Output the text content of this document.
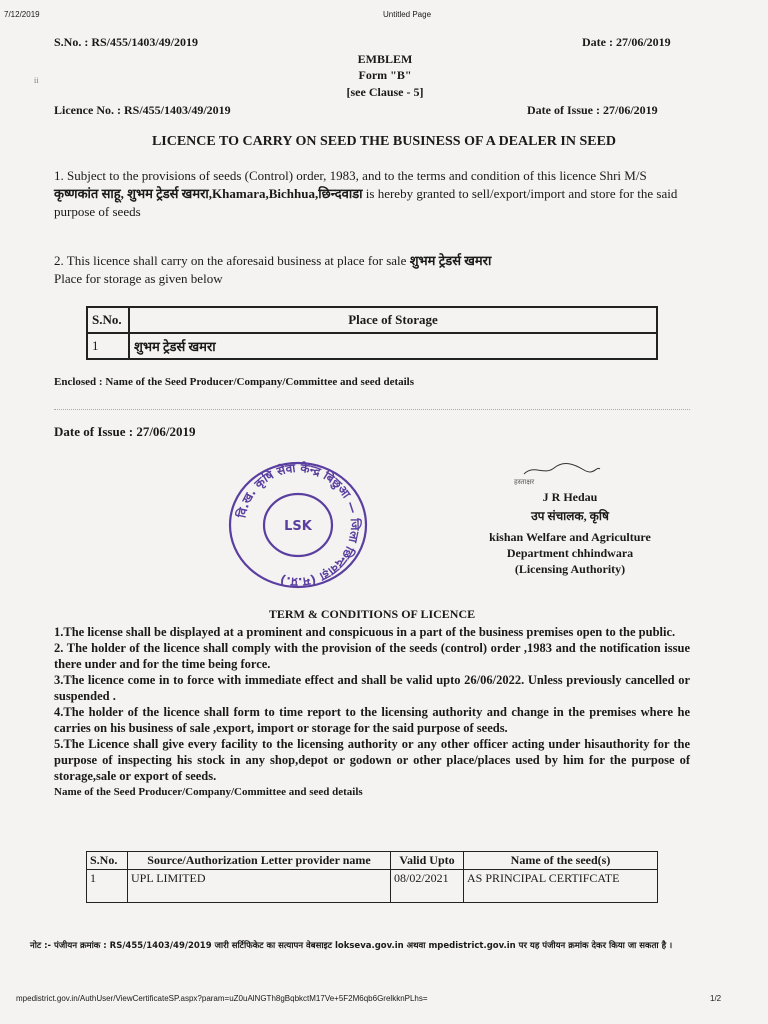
7/12/2019	Untitled Page
S.No. : RS/455/1403/49/2019	Date : 27/06/2019
EMBLEM
Form "B"
[see Clause - 5]
ii
Licence No. : RS/455/1403/49/2019	Date of Issue : 27/06/2019
LICENCE TO CARRY ON SEED THE BUSINESS OF A DEALER IN SEED
1. Subject to the provisions of seeds (Control) order, 1983, and to the terms and condition of this licence Shri M/S कृष्णकांत साहू, शुभम ट्रेडर्स खमरा,Khamara,Bichhua,छिन्दवाडा is hereby granted to sell/export/import and store for the said purpose of seeds
2. This licence shall carry on the aforesaid business at place for sale शुभम ट्रेडर्स खमरा
Place for storage as given below
S.No.	Place of Storage
1	शुभम ट्रेडर्स खमरा
Enclosed : Name of the Seed Producer/Company/Committee and seed details
Date of Issue : 27/06/2019
वि.ख. कृषि सेवा केन्द्र बिछुआ — जिला छिन्दवाड़ा (म.प्र.)
LSK
हस्ताक्षर
J R Hedau
उप संचालक, कृषि
kishan Welfare and Agriculture
Department chhindwara
(Licensing Authority)
TERM & CONDITIONS OF LICENCE

1.The license shall be displayed at a prominent and conspicuous in a part of the business premises open to the public.

2. The holder of the licence shall comply with the provision of the seeds (control) order ,1983 and the notification issue there under and for the time being force.

3.The licence come in to force with immediate effect and shall be valid upto 26/06/2022. Unless previously cancelled or suspended .

4.The holder of the licence shall form to time report to the licensing authority and change in the premises where he carries on his business of sale ,export, import or storage for the said purpose of seeds.

5.The Licence shall give every facility to the licensing authority or any other officer acting under hisauthority for the purpose of inspecting his stock in any shop,depot or godown or other place/places used by him for the purpose of storage,sale or export of seeds.

Name of the Seed Producer/Company/Committee and seed details

S.No.	Source/Authorization Letter provider name	Valid Upto	Name of the seed(s)
1	UPL LIMITED	08/02/2021	AS PRINCIPAL CERTIFCATE
नोट :- पंजीयन क्रमांक : RS/455/1403/49/2019 जारी सर्टिफिकेट का सत्यापन वेबसाइट lokseva.gov.in अथवा mpedistrict.gov.in पर यह पंजीयन क्रमांक देकर किया जा सकता है ।
mpedistrict.gov.in/AuthUser/ViewCertificateSP.aspx?param=uZ0uAlNGTh8gBqbkctM17Ve+5F2M6qb6GrelkknPLhs=	1/2
